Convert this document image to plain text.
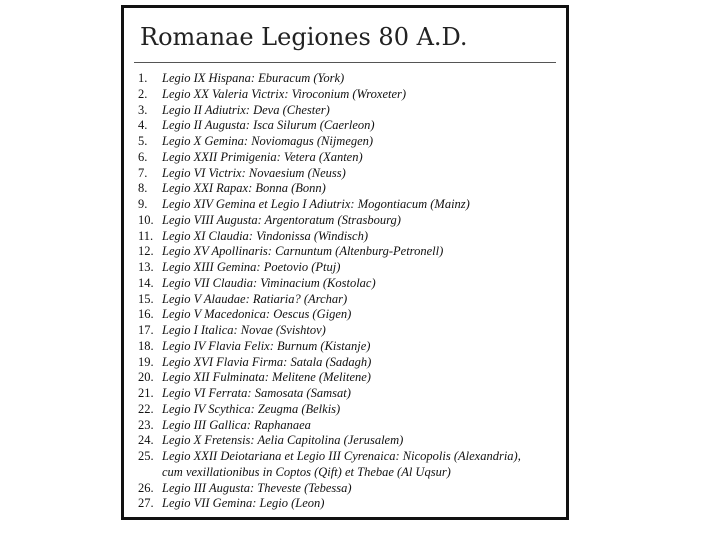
Romanae Legiones 80 A.D.
1.	Legio IX Hispana: Eburacum (York)
2.	Legio XX Valeria Victrix: Viroconium (Wroxeter)
3.	Legio II Adiutrix: Deva (Chester)
4.	Legio II Augusta: Isca Silurum (Caerleon)
5.	Legio X Gemina: Noviomagus (Nijmegen)
6.	Legio XXII Primigenia: Vetera (Xanten)
7.	Legio VI Victrix: Novaesium (Neuss)
8.	Legio XXI Rapax: Bonna (Bonn)
9.	Legio XIV Gemina et Legio I Adiutrix: Mogontiacum (Mainz)
10. Legio VIII Augusta: Argentoratum (Strasbourg)
11. Legio XI Claudia: Vindonissa (Windisch)
12. Legio XV Apollinaris: Carnuntum (Altenburg-Petronell)
13. Legio XIII Gemina: Poetovio (Ptuj)
14. Legio VII Claudia: Viminacium (Kostolac)
15. Legio V Alaudae: Ratiaria? (Archar)
16. Legio V Macedonica: Oescus (Gigen)
17. Legio I Italica: Novae (Svishtov)
18. Legio IV Flavia Felix: Burnum (Kistanje)
19. Legio XVI Flavia Firma: Satala (Sadagh)
20. Legio XII Fulminata: Melitene (Melitene)
21. Legio VI Ferrata: Samosata (Samsat)
22. Legio IV Scythica: Zeugma (Belkis)
23. Legio III Gallica: Raphanaea
24. Legio X Fretensis: Aelia Capitolina (Jerusalem)
25. Legio XXII Deiotariana et Legio III Cyrenaica: Nicopolis (Alexandria),
cum vexillationibus in Coptos (Qift) et Thebae (Al Uqsur)
26. Legio III Augusta: Theveste (Tebessa)
27. Legio VII Gemina: Legio (Leon)
